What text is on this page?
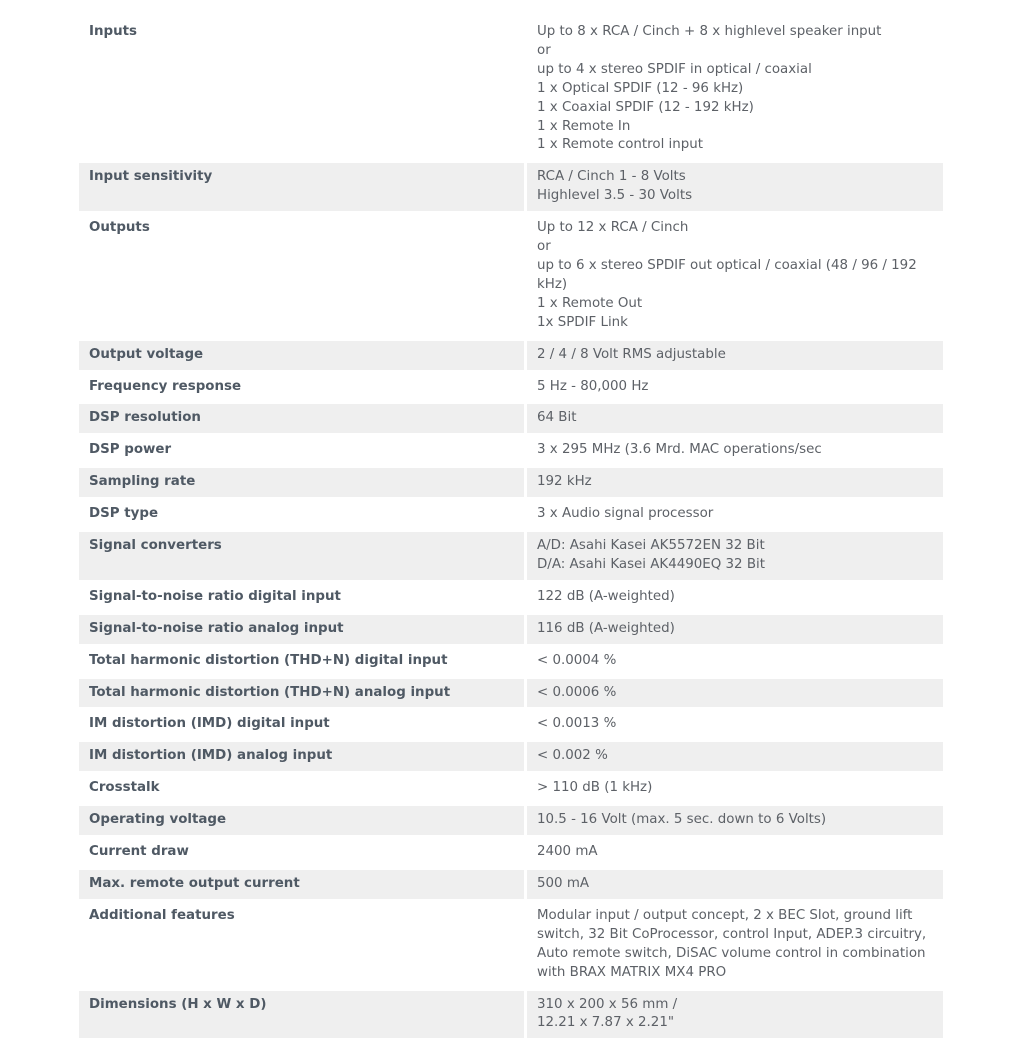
Inputs	Up to 8 x RCA / Cinch + 8 x highlevel speaker input
or
up to 4 x stereo SPDIF in optical / coaxial
1 x Optical SPDIF (12 - 96 kHz)
1 x Coaxial SPDIF (12 - 192 kHz)
1 x Remote In
1 x Remote control input
Input sensitivity	RCA / Cinch 1 - 8 Volts
Highlevel 3.5 - 30 Volts
Outputs	Up to 12 x RCA / Cinch
or
up to 6 x stereo SPDIF out optical / coaxial (48 / 96 / 192 kHz)
1 x Remote Out
1x SPDIF Link
Output voltage	2 / 4 / 8 Volt RMS adjustable
Frequency response	5 Hz - 80,000 Hz
DSP resolution	64 Bit
DSP power	3 x 295 MHz (3.6 Mrd. MAC operations/sec
Sampling rate	192 kHz
DSP type	3 x Audio signal processor
Signal converters	A/D: Asahi Kasei AK5572EN 32 Bit
D/A: Asahi Kasei AK4490EQ 32 Bit
Signal-to-noise ratio digital input	122 dB (A-weighted)
Signal-to-noise ratio analog input	116 dB (A-weighted)
Total harmonic distortion (THD+N) digital input	< 0.0004 %
Total harmonic distortion (THD+N) analog input	< 0.0006 %
IM distortion (IMD) digital input	< 0.0013 %
IM distortion (IMD) analog input	< 0.002 %
Crosstalk	> 110 dB (1 kHz)
Operating voltage	10.5 - 16 Volt (max. 5 sec. down to 6 Volts)
Current draw	2400 mA
Max. remote output current	500 mA
Additional features	Modular input / output concept, 2 x BEC Slot, ground lift
switch, 32 Bit CoProcessor, control Input, ADEP.3 circuitry,
Auto remote switch, DiSAC volume control in combination
with BRAX MATRIX MX4 PRO
Dimensions (H x W x D)	310 x 200 x 56 mm /
12.21 x 7.87 x 2.21"
